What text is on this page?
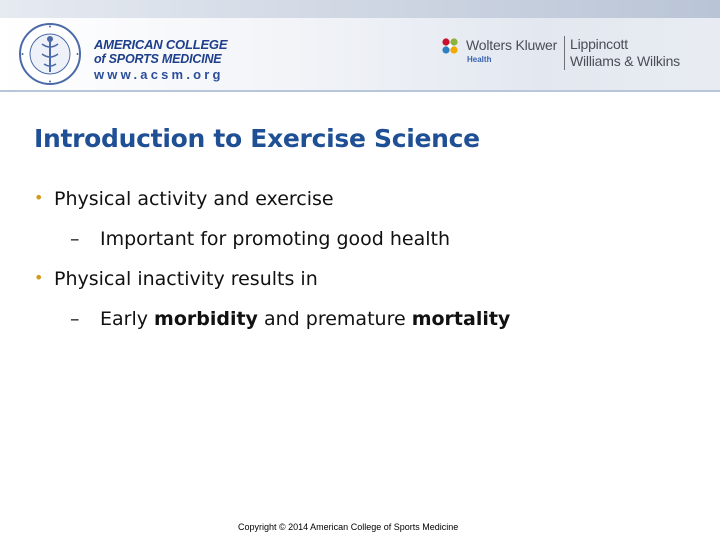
AMERICAN COLLEGE
of SPORTS MEDICINE
www.acsm.org
Wolters Kluwer
Health
Lippincott
Williams & Wilkins
Introduction to Exercise Science
• Physical activity and exercise
– Important for promoting good health
• Physical inactivity results in
– Early morbidity and premature mortality
Copyright © 2014 American College of Sports Medicine
